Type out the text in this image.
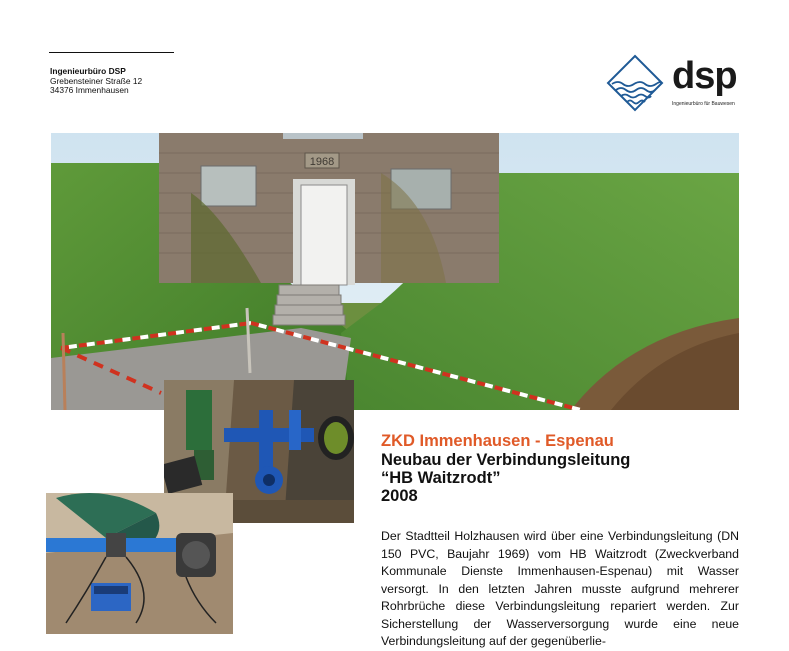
Ingenieurbüro DSP
Grebensteiner Straße 12
34376 Immenhausen	dsp
Ingenieurbüro für Bauwesen
1968
ZKD Immenhausen - Espenau
Neubau der Verbindungsleitung
“HB Waitzrodt”
2008
Der Stadtteil Holzhausen wird über eine Verbindungsleitung (DN 150 PVC, Baujahr 1969) vom HB Waitzrodt (Zweckverband Kommunale Dienste Immenhausen-Espenau) mit Wasser versorgt. In den letzten Jahren musste aufgrund mehrerer Rohrbrüche diese Verbindungsleitung repariert werden. Zur Sicherstellung der Wasserversorgung wurde eine neue Verbindungsleitung auf der gegenüberlie-
